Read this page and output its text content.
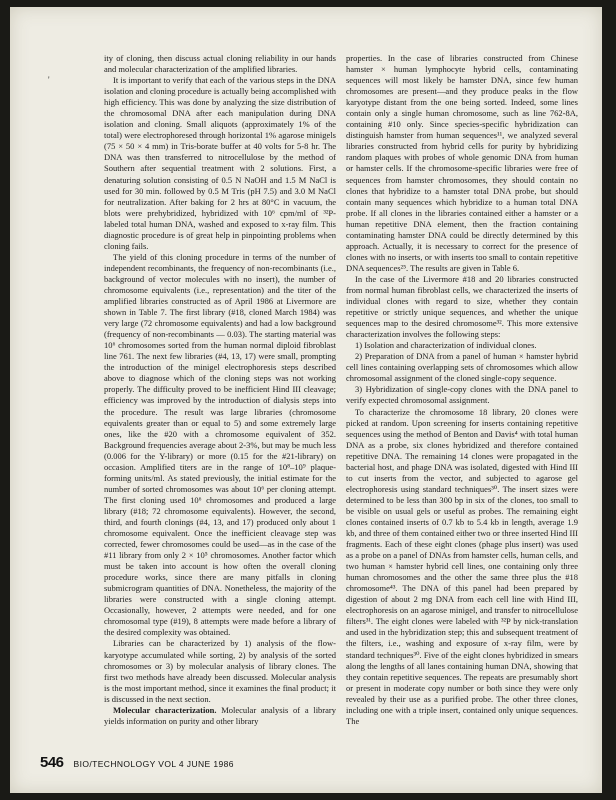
'

ity of cloning, then discuss actual cloning reliability in our hands and molecular characterization of the amplified libraries.

It is important to verify that each of the various steps in the DNA isolation and cloning procedure is actually being accomplished with high efficiency. This was done by analyzing the size distribution of the chromosomal DNA after each manipulation during DNA isolation and cloning. Small aliquots (approximately 1% of the total) were electrophoresed through horizontal 1% agarose minigels (75 × 50 × 4 mm) in Tris-borate buffer at 40 volts for 5-8 hr. The DNA was then transferred to nitrocellulose by the method of Southern after sequential treatment with 2 solutions. First, a denaturing solution consisting of 0.5 N NaOH and 1.5 M NaCl is used for 30 min. followed by 0.5 M Tris (pH 7.5) and 3.0 M NaCl for neutralization. After baking for 2 hrs at 80°C in vacuum, the blots were prehybridized, hybridized with 10⁶ cpm/ml of ³²P-labeled total human DNA, washed and exposed to x-ray film. This diagnostic procedure is of great help in pinpointing problems when cloning fails.

The yield of this cloning procedure in terms of the number of independent recombinants, the frequency of non-recombinants (i.e., background of vector molecules with no insert), the number of chromosome equivalents (i.e., representation) and the titer of the amplified libraries constructed as of April 1986 at Livermore are shown in Table 7. The first library (#18, cloned March 1984) was very large (72 chromosome equivalents) and had a low background (frequency of non-recombinants — 0.03). The starting material was 10⁶ chromosomes sorted from the human normal diploid fibroblast line 761. The next few libraries (#4, 13, 17) were small, prompting the introduction of the minigel electrophoresis steps described above to diagnose which of the cloning steps was not working properly. The difficulty proved to be inefficient Hind III cleavage; efficiency was improved by the introduction of dialysis steps into the procedure. The result was large libraries (chromosome equivalents greater than or equal to 5) and some extremely large ones, like the #20 with a chromosome equivalent of 352. Background frequencies average about 2-3%, but may be much less (0.006 for the Y-library) or more (0.15 for the #21-library) on occasion. Amplified titers are in the range of 10⁸–10⁹ plaque-forming units/ml. As stated previously, the initial estimate for the number of sorted chromosomes was about 10⁶ per cloning attempt. The first cloning used 10⁶ chromosomes and produced a large library (#18; 72 chromosome equivalents). However, the second, third, and fourth clonings (#4, 13, and 17) produced only about 1 chromosome equivalent. Once the inefficient cleavage step was corrected, fewer chromosomes could be used—as in the case of the #11 library from only 2 × 10⁵ chromosomes. Another factor which must be taken into account is how often the overall cloning procedure works, since there are many pitfalls in cloning submicrogram quantities of DNA. Nonetheless, the majority of the libraries were constructed with a single cloning attempt. Occasionally, however, 2 attempts were needed, and for one chromosomal type (#19), 8 attempts were made before a library of the desired complexity was obtained.

Libraries can be characterized by 1) analysis of the flow-karyotype accumulated while sorting, 2) by analysis of the sorted chromosomes or 3) by molecular analysis of library clones. The first two methods have already been discussed. Molecular analysis is the most important method, since it examines the final product; it is discussed in the next section.

Molecular characterization. Molecular analysis of a library yields information on purity and other library

properties. In the case of libraries constructed from Chinese hamster × human lymphocyte hybrid cells, contaminating sequences will most likely be hamster DNA, since few human chromosomes are present—and they produce peaks in the flow karyotype distant from the one being sorted. Indeed, some lines contain only a single human chromosome, such as line 762-8A, containing #10 only. Since species-specific hybridization can distinguish hamster from human sequences¹¹, we analyzed several libraries constructed from hybrid cells for purity by hybridizing random plaques with probes of whole genomic DNA from human or hamster cells. If the chromosome-specific libraries were free of sequences from hamster chromosomes, they should contain no clones that hybridize to a hamster total DNA probe, but should contain many sequences which hybridize to a human total DNA probe. If all clones in the libraries contained either a hamster or a human repetitive DNA element, then the fraction containing contaminating hamster DNA could be directly determined by this approach. Actually, it is necessary to correct for the presence of clones with no inserts, or with inserts too small to contain repetitive DNA sequences²⁵. The results are given in Table 6.

In the case of the Livermore #18 and 20 libraries constructed from normal human fibroblast cells, we characterized the inserts of individual clones with regard to size, whether they contain repetitive or strictly unique sequences, and whether the unique sequences map to the desired chromosome³². This more extensive characterization involves the following steps:

1) Isolation and characterization of individual clones.

2) Preparation of DNA from a panel of human × hamster hybrid cell lines containing overlapping sets of chromosomes which allow chromosomal assignment of the cloned single-copy sequence.

3) Hybridization of single-copy clones with the DNA panel to verify expected chromosomal assignment.

To characterize the chromosome 18 library, 20 clones were picked at random. Upon screening for inserts containing repetitive sequences using the method of Benton and Davis⁴ with total human DNA as a probe, six clones hybridized and therefore contained repetitive DNA. The remaining 14 clones were propagated in the bacterial host, and phage DNA was isolated, digested with Hind III to cut inserts from the vector, and subjected to agarose gel electrophoresis using standard techniques³⁰. The insert sizes were determined to be less than 300 bp in six of the clones, too small to be visible on usual gels or useful as probes. The remaining eight clones contained inserts of 0.7 kb to 5.4 kb in length, average 1.9 kb, and three of them contained either two or three inserted Hind III fragments. Each of these eight clones (phage plus insert) was used as a probe on a panel of DNAs from hamster cells, human cells, and two human × hamster hybrid cell lines, one containing only three human chromosomes and the other the same three plus the #18 chromosome⁴³. The DNA of this panel had been prepared by digestion of about 2 mg DNA from each cell line with Hind III, electrophoresis on an agarose minigel, and transfer to nitrocellulose filters³¹. The eight clones were labeled with ³²P by nick-translation and used in the hybridization step; this and subsequent treatment of the filters, i.e., washing and exposure of x-ray film, were by standard techniques³⁰. Five of the eight clones hybridized in smears along the lengths of all lanes containing human DNA, showing that they contain repetitive sequences. The repeats are presumably short or present in moderate copy number or both since they were only revealed by their use as a purified probe. The other three clones, including one with a triple insert, contained only unique sequences. The

546 BIO/TECHNOLOGY VOL 4 JUNE 1986
